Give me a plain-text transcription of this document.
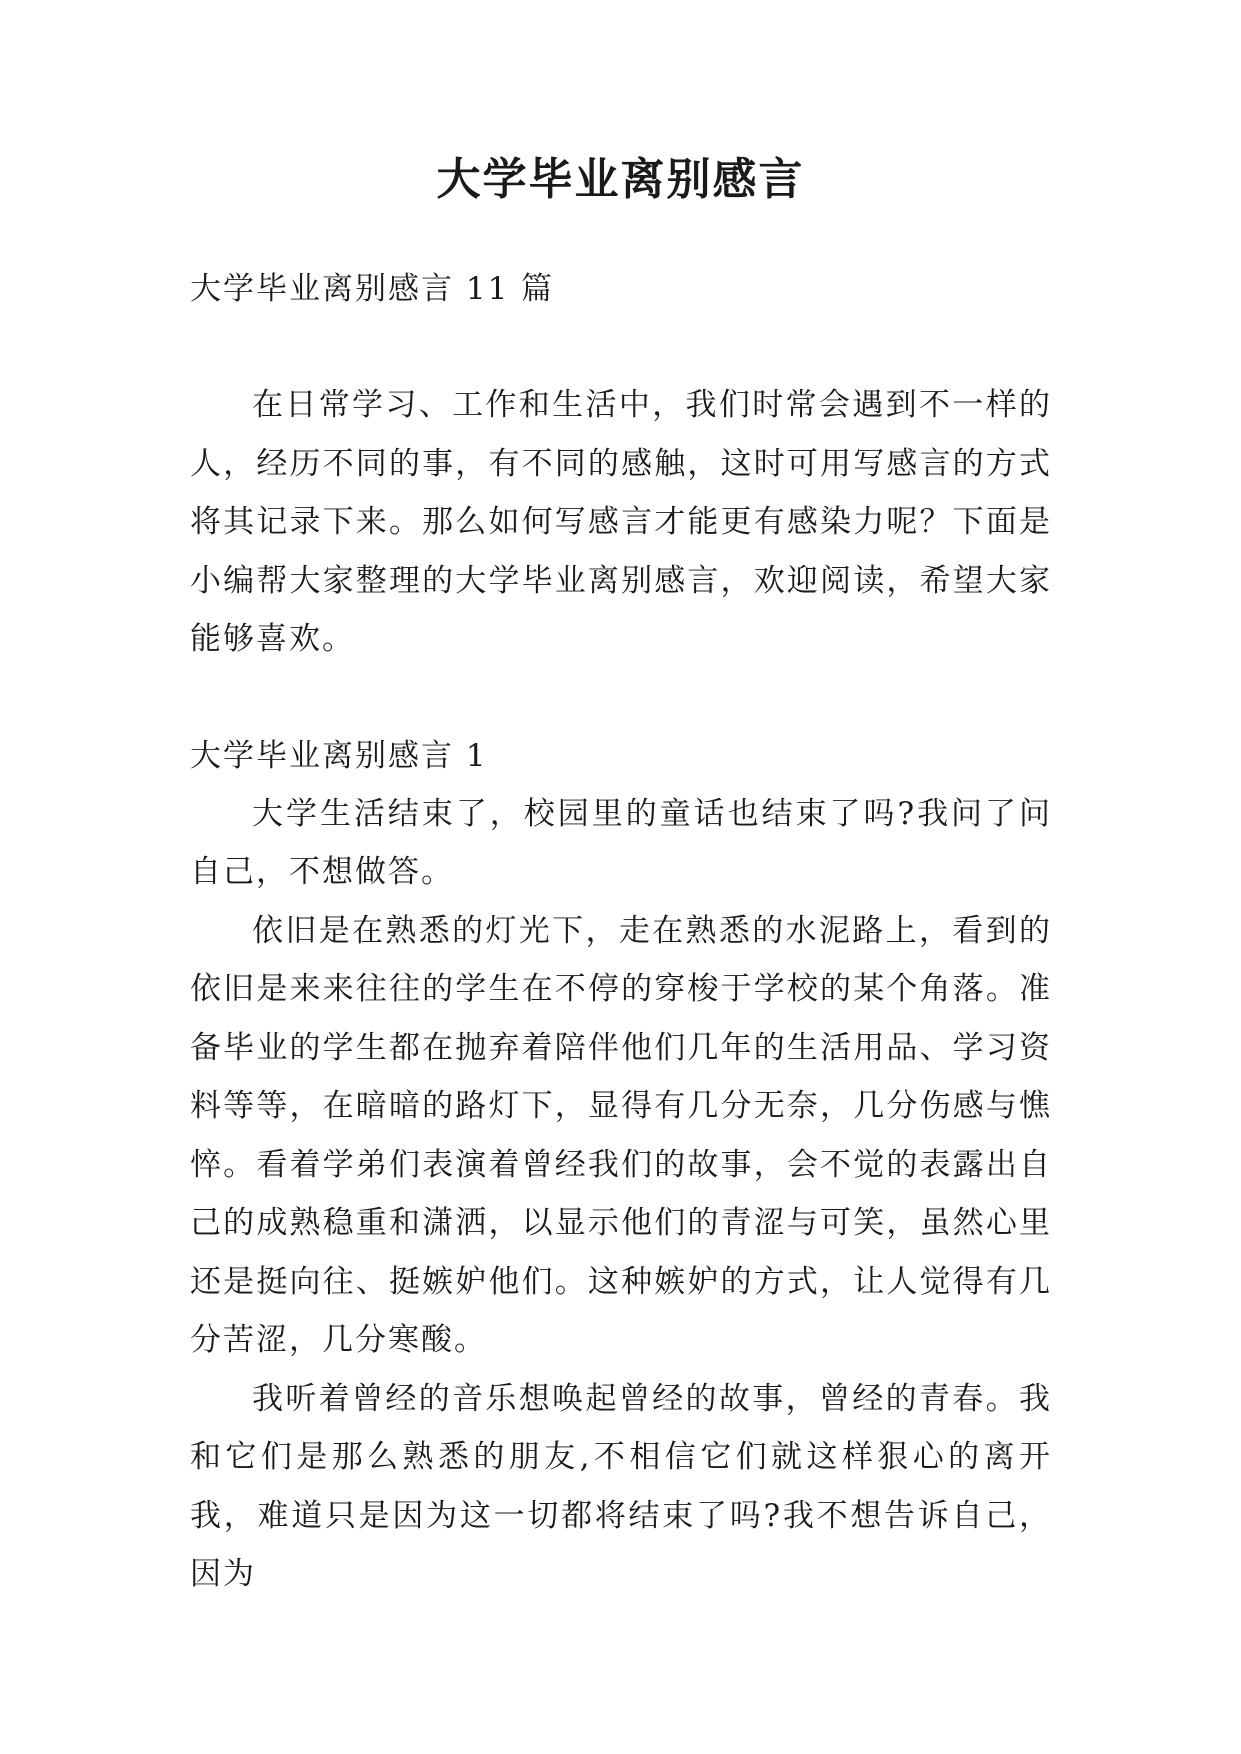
大学毕业离别感言

大学毕业离别感言 11 篇

在日常学习、工作和生活中，我们时常会遇到不一样的人，经历不同的事，有不同的感触，这时可用写感言的方式将其记录下来。那么如何写感言才能更有感染力呢？下面是小编帮大家整理的大学毕业离别感言，欢迎阅读，希望大家能够喜欢。

大学毕业离别感言 1

大学生活结束了，校园里的童话也结束了吗?我问了问自己，不想做答。

依旧是在熟悉的灯光下，走在熟悉的水泥路上，看到的依旧是来来往往的学生在不停的穿梭于学校的某个角落。准备毕业的学生都在抛弃着陪伴他们几年的生活用品、学习资料等等，在暗暗的路灯下，显得有几分无奈，几分伤感与憔悴。看着学弟们表演着曾经我们的故事，会不觉的表露出自己的成熟稳重和潇洒，以显示他们的青涩与可笑，虽然心里还是挺向往、挺嫉妒他们。这种嫉妒的方式，让人觉得有几分苦涩，几分寒酸。

我听着曾经的音乐想唤起曾经的故事，曾经的青春。我和它们是那么熟悉的朋友,不相信它们就这样狠心的离开我，难道只是因为这一切都将结束了吗?我不想告诉自己，因为
